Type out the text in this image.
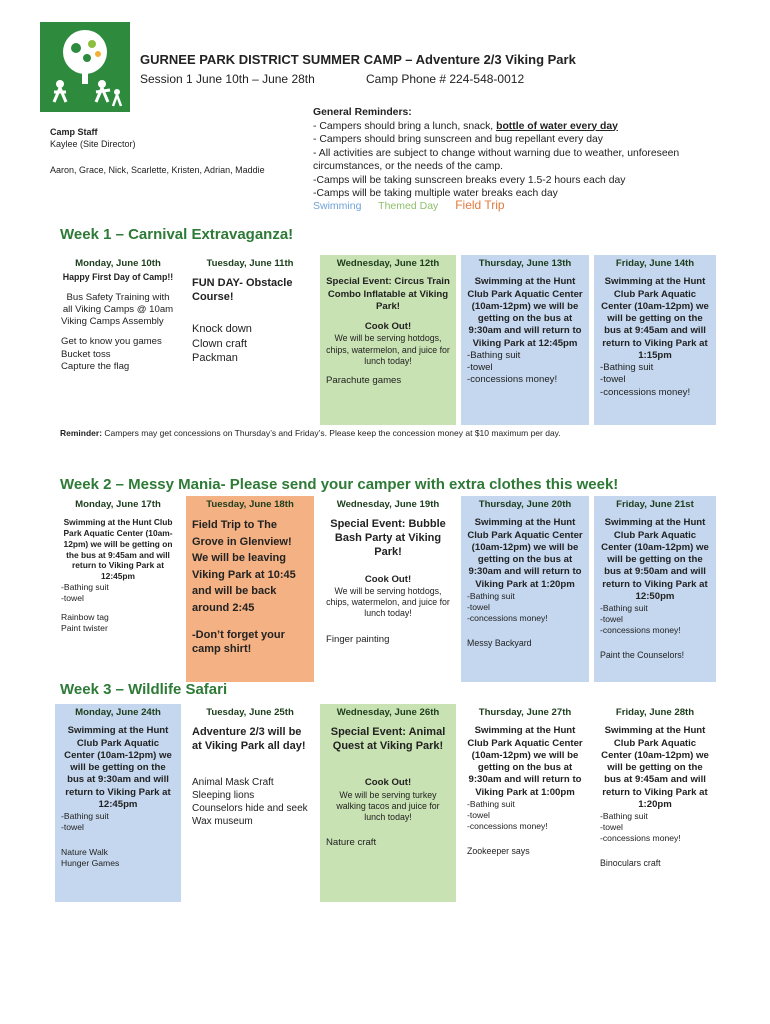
GURNEE PARK DISTRICT SUMMER CAMP – Adventure 2/3 Viking Park
Session 1 June 10th – June 28th	Camp Phone # 224-548-0012
Camp Staff
Kaylee (Site Director)
Aaron, Grace, Nick, Scarlette, Kristen, Adrian, Maddie
General Reminders:
- Campers should bring a lunch, snack, bottle of water every day
- Campers should bring sunscreen and bug repellant every day
- All activities are subject to change without warning due to weather, unforeseen circumstances, or the needs of the camp.
-Camps will be taking sunscreen breaks every 1.5-2 hours each day
-Camps will be taking multiple water breaks each day
Swimming Themed Day Field Trip
Week 1 – Carnival Extravaganza!
Monday, June 10th
Happy First Day of Camp!!
Bus Safety Training with all Viking Camps @ 10am
Viking Camps Assembly
Get to know you games
Bucket toss
Capture the flag
Tuesday, June 11th
FUN DAY- Obstacle Course!
Knock down
Clown craft
Packman
Wednesday, June 12th
Special Event: Circus Train Combo Inflatable at Viking Park!
Cook Out!
We will be serving hotdogs, chips, watermelon, and juice for lunch today!
Parachute games
Thursday, June 13th
Swimming at the Hunt Club Park Aquatic Center (10am-12pm) we will be getting on the bus at 9:30am and will return to Viking Park at 12:45pm
-Bathing suit
-towel
-concessions money!
Friday, June 14th
Swimming at the Hunt Club Park Aquatic Center (10am-12pm) we will be getting on the bus at 9:45am and will return to Viking Park at 1:15pm
-Bathing suit
-towel
-concessions money!
Reminder: Campers may get concessions on Thursday’s and Friday’s. Please keep the concession money at $10 maximum per day.
Week 2 – Messy Mania- Please send your camper with extra clothes this week!
Monday, June 17th
Swimming at the Hunt Club Park Aquatic Center (10am-12pm) we will be getting on the bus at 9:45am and will return to Viking Park at 12:45pm
-Bathing suit
-towel
Rainbow tag
Paint twister
Tuesday, June 18th
Field Trip to The Grove in Glenview! We will be leaving Viking Park at 10:45 and will be back around 2:45
-Don’t forget your camp shirt!
Wednesday, June 19th
Special Event: Bubble Bash Party at Viking Park!
Cook Out!
We will be serving hotdogs, chips, watermelon, and juice for lunch today!
Finger painting
Thursday, June 20th
Swimming at the Hunt Club Park Aquatic Center (10am-12pm) we will be getting on the bus at 9:30am and will return to Viking Park at 1:20pm
-Bathing suit
-towel
-concessions money!
Messy Backyard
Friday, June 21st
Swimming at the Hunt Club Park Aquatic Center (10am-12pm) we will be getting on the bus at 9:50am and will return to Viking Park at 12:50pm
-Bathing suit
-towel
-concessions money!
Paint the Counselors!
Week 3 – Wildlife Safari
Monday, June 24th
Swimming at the Hunt Club Park Aquatic Center (10am-12pm) we will be getting on the bus at 9:30am and will return to Viking Park at 12:45pm
-Bathing suit
-towel
Nature Walk
Hunger Games
Tuesday, June 25th
Adventure 2/3 will be at Viking Park all day!
Animal Mask Craft
Sleeping lions
Counselors hide and seek
Wax museum
Wednesday, June 26th
Special Event: Animal Quest at Viking Park!
Cook Out!
We will be serving turkey walking tacos and juice for lunch today!
Nature craft
Thursday, June 27th
Swimming at the Hunt Club Park Aquatic Center (10am-12pm) we will be getting on the bus at 9:30am and will return to Viking Park at 1:00pm
-Bathing suit
-towel
-concessions money!
Zookeeper says
Friday, June 28th
Swimming at the Hunt Club Park Aquatic Center (10am-12pm) we will be getting on the bus at 9:45am and will return to Viking Park at 1:20pm
-Bathing suit
-towel
-concessions money!
Binoculars craft
